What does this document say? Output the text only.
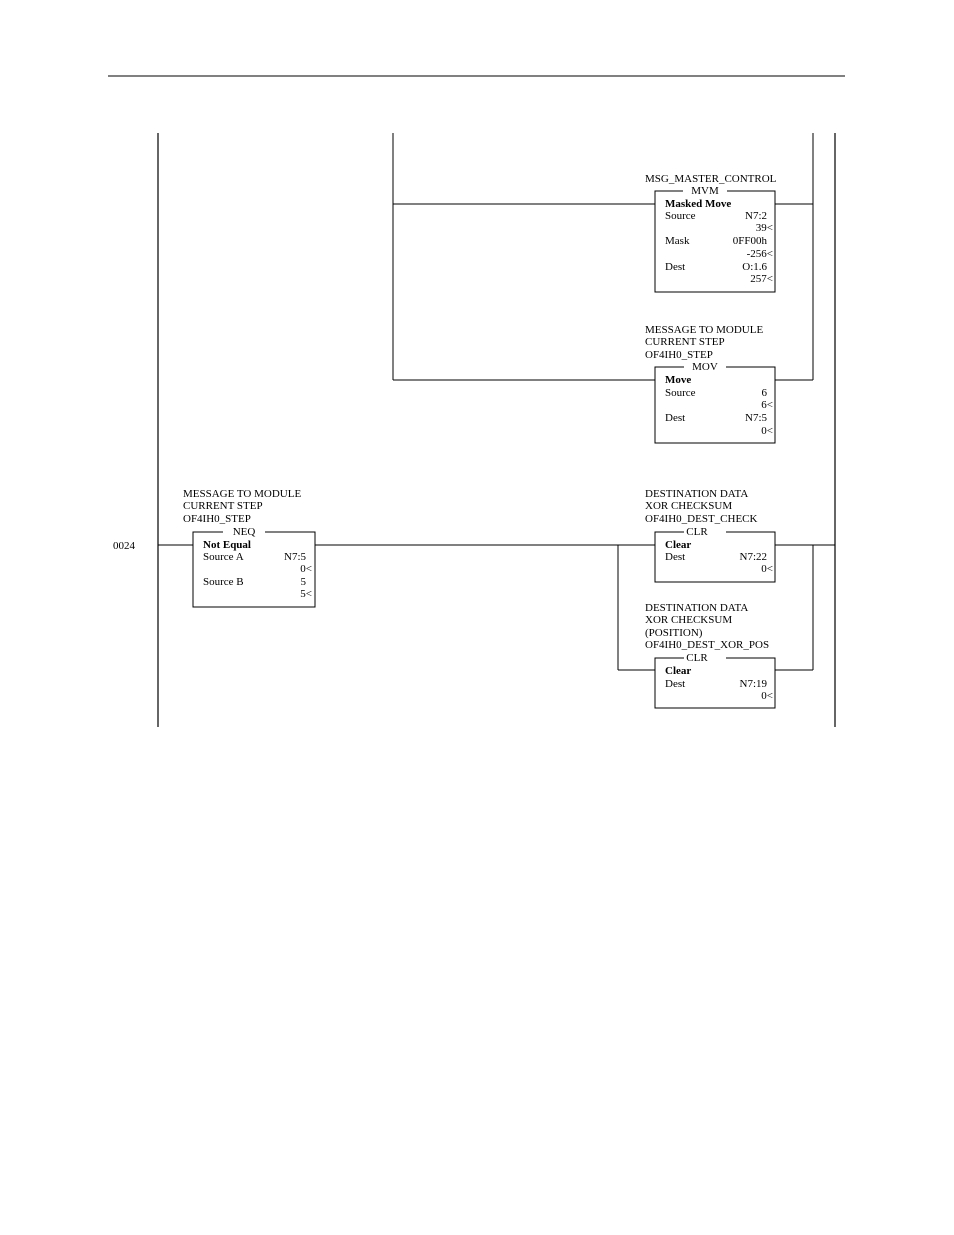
0024
MSG_MASTER_CONTROL
MVM
Masked Move
Source	N7:2
39<
Mask	0FF00h
-256<
Dest	O:1.6
257<
MESSAGE TO MODULE
CURRENT STEP
OF4IH0_STEP
MOV
Move
Source	6
6<
Dest	N7:5
0<
MESSAGE TO MODULE
CURRENT STEP
OF4IH0_STEP
NEQ
Not Equal
Source A	N7:5
0<
Source B	5
5<
DESTINATION DATA
XOR CHECKSUM
OF4IH0_DEST_CHECK
CLR
Clear
Dest	N7:22
0<
DESTINATION DATA
XOR CHECKSUM
(POSITION)
OF4IH0_DEST_XOR_POS
CLR
Clear
Dest	N7:19
0<
